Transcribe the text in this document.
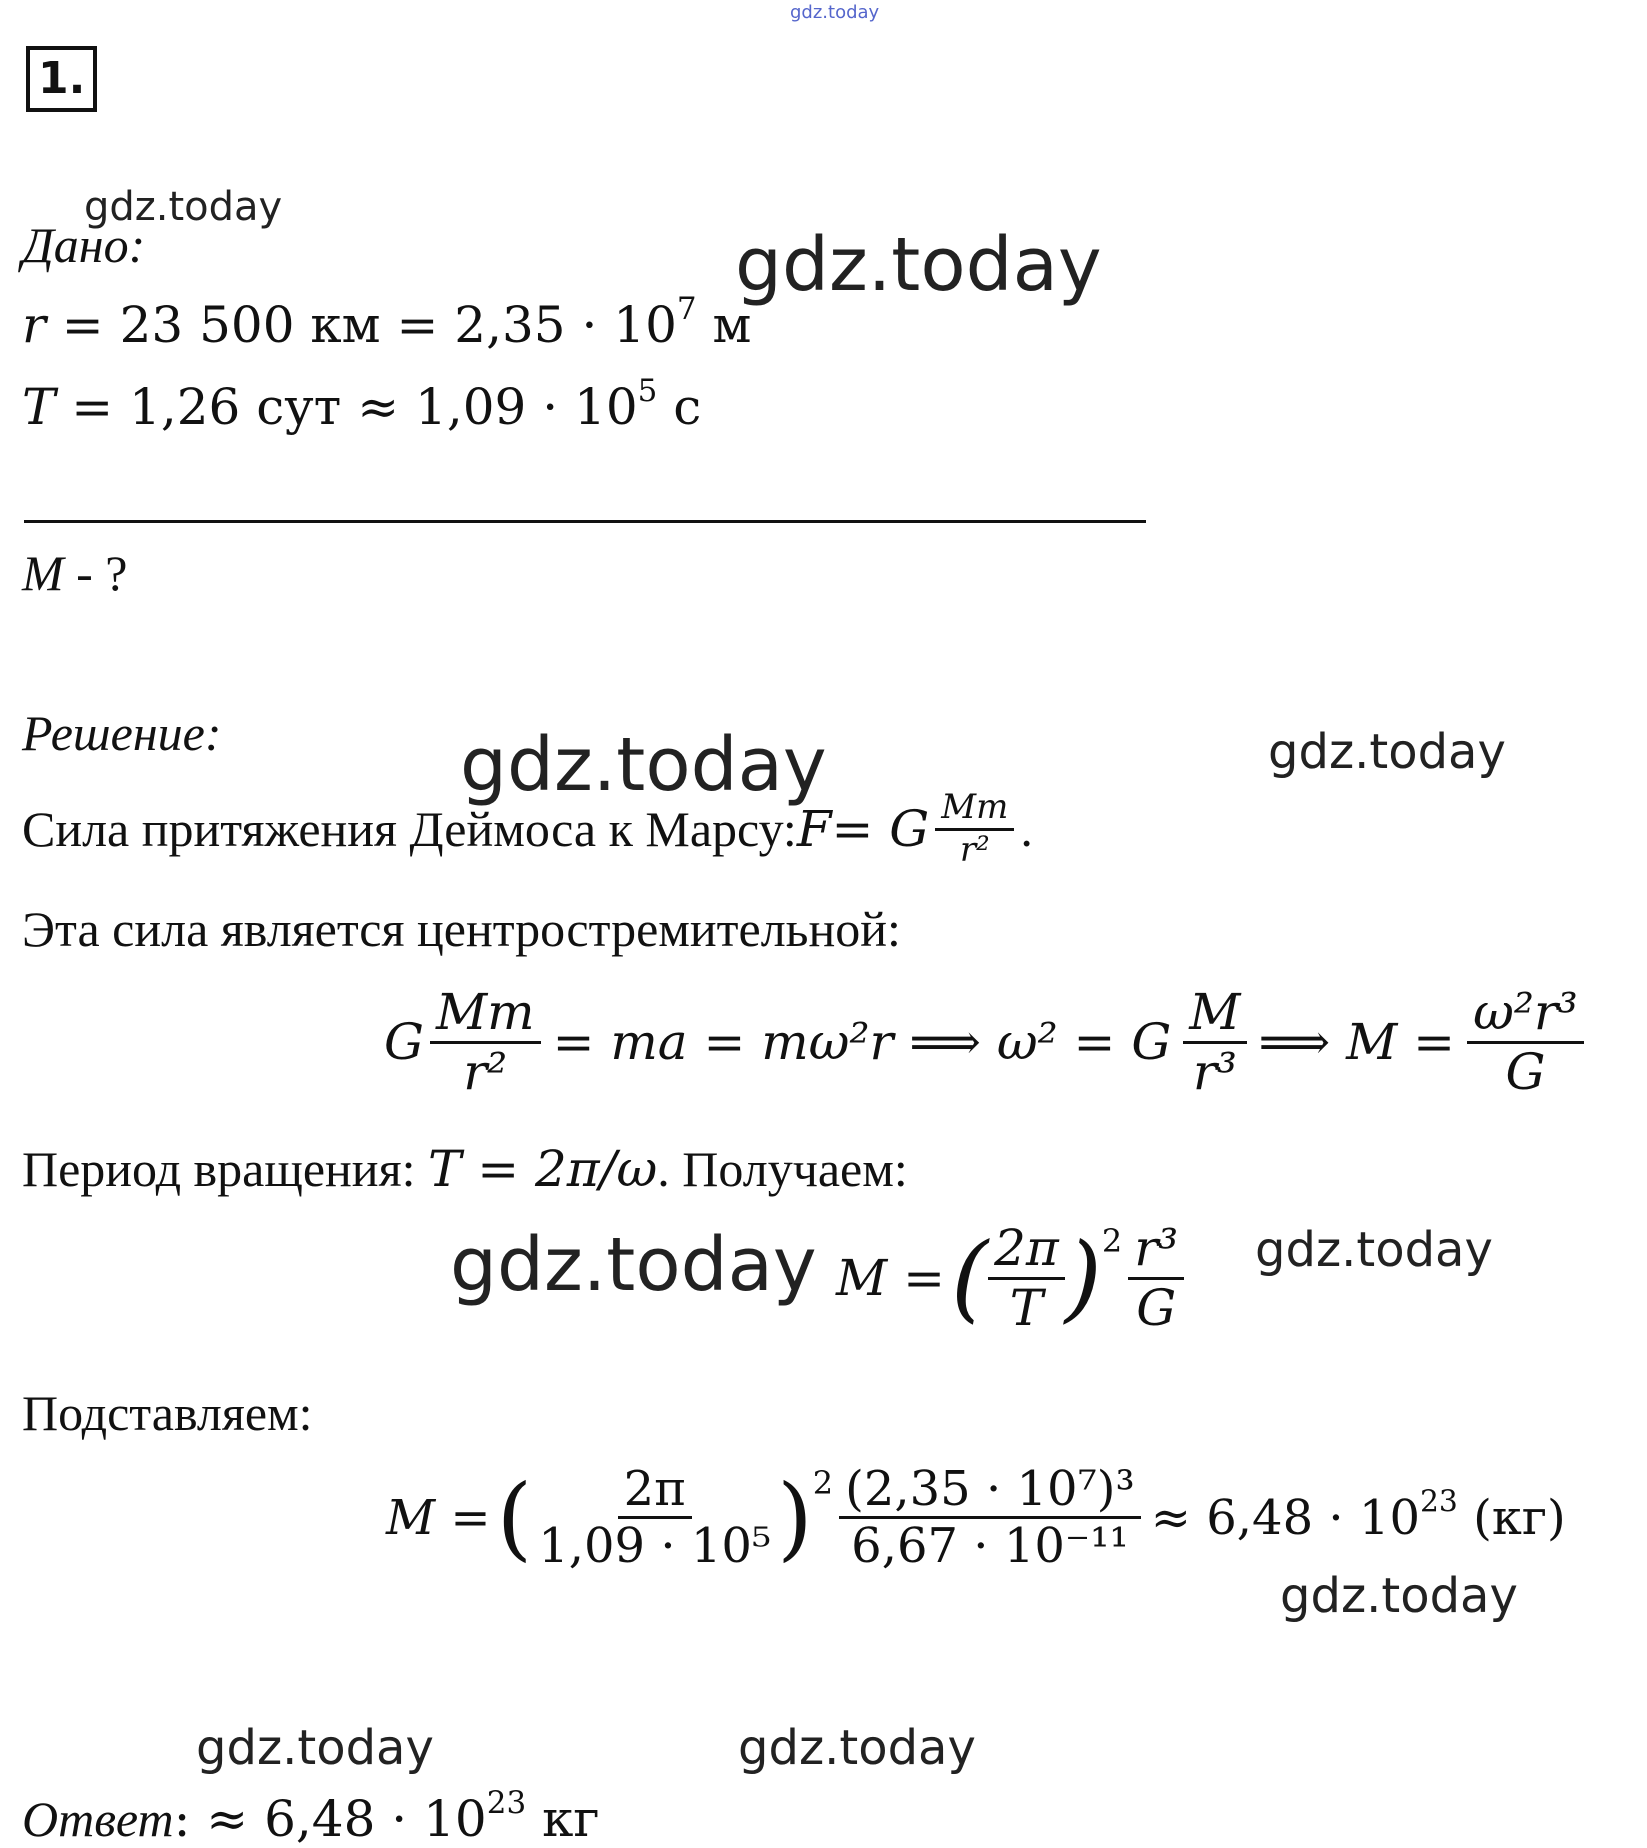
gdz.today
1.
gdz.today
Дано:	gdz.today
r = 23 500 км = $2,35 \cdot 10^7$ м
T = 1,26 сут ≈ $1,09 \cdot 10^5$ с
M - ?
Решение:	gdz.today	gdz.today
Сила притяжения Деймоса к Марсу: F = G $\frac{Mm}{\text{r²}}$ .
Эта сила является центростремительной:
G $\frac{Mm}{\text{r²}}$ = ma = mω²r ⟹ ω² = G $\frac{M}{\text{r³}}$ ⟹ $M = \frac{\text{ω²r³}}{G}$
Период вращения: T = 2π/ω. Получаем:
gdz.today	gdz.today
M = ( $\frac{2\pi}{T}$ ) $2 \frac{\text{r³}}{G}$
Подставляем:
M = ( $\frac{2\pi}{\text{1,09 · 10⁵}}$ ) $2 \frac{\text{(2,35 · 10⁷)³}}{\text{6,67 · 10⁻¹¹}} \approx 6,48 \cdot 10^{23}$ (кг)
gdz.today
gdz.today	gdz.today
Ответ: ≈ $6,48 \cdot 10^{23}$ кг
